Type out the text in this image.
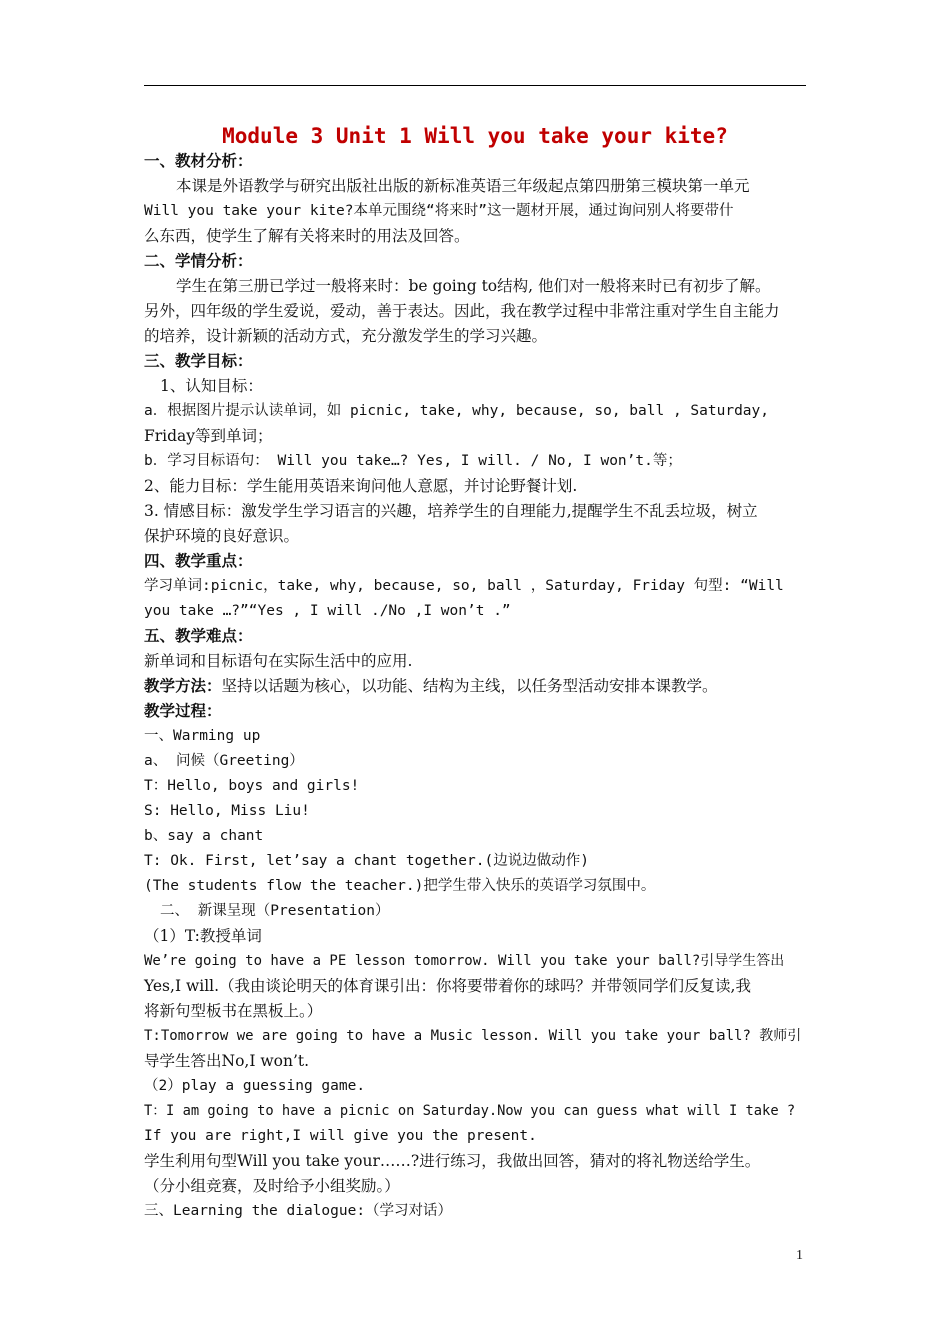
Module 3 Unit 1 Will you take your kite?
一、教材分析：
本课是外语教学与研究出版社出版的新标准英语三年级起点第四册第三模块第一单元
Will you take your kite?本单元围绕“将来时”这一题材开展，通过询问别人将要带什
么东西，使学生了解有关将来时的用法及回答。
二、学情分析：
学生在第三册已学过一般将来时：be going to结构, 他们对一般将来时已有初步了解。
另外，四年级的学生爱说，爱动，善于表达。因此，我在教学过程中非常注重对学生自主能力
的培养，设计新颖的活动方式，充分激发学生的学习兴趣。
三、教学目标：
1、认知目标：
a．根据图片提示认读单词，如 picnic, take, why, because, so, ball , Saturday,
Friday等到单词；
b．学习目标语句： Will you take…? Yes, I will. / No, I won’t.等；
2、能力目标：学生能用英语来询问他人意愿，并讨论野餐计划.
3. 情感目标：激发学生学习语言的兴趣，培养学生的自理能力,提醒学生不乱丢垃圾，树立
保护环境的良好意识。
四、教学重点：
学习单词:picnic，take, why, because, so, ball ，Saturday, Friday 句型: “Will
you take …?”“Yes , I will ./No ,I won’t .”
五、教学难点：
新单词和目标语句在实际生活中的应用.
教学方法：坚持以话题为核心，以功能、结构为主线，以任务型活动安排本课教学。
教学过程：
一、Warming up
a、 问候（Greeting）
T：Hello, boys and girls!
S: Hello, Miss Liu!
b、say a chant
T: Ok. First, let’say a chant together.(边说边做动作)
(The students flow the teacher.)把学生带入快乐的英语学习氛围中。
二、 新课呈现（Presentation）
（1）T:教授单词
We’re going to have a PE lesson tomorrow. Will you take your ball?引导学生答出
Yes,I will.（我由谈论明天的体育课引出：你将要带着你的球吗？并带领同学们反复读,我
将新句型板书在黑板上。）
T:Tomorrow we are going to have a Music lesson. Will you take your ball? 教师引
导学生答出No,I won’t.
（2）play a guessing game.
T：I am going to have a picnic on Saturday.Now you can guess what will I take ?
If you are right,I will give you the present.
学生利用句型Will you take your……?进行练习，我做出回答，猜对的将礼物送给学生。
（分小组竞赛，及时给予小组奖励。）
三、Learning the dialogue:（学习对话）
1
